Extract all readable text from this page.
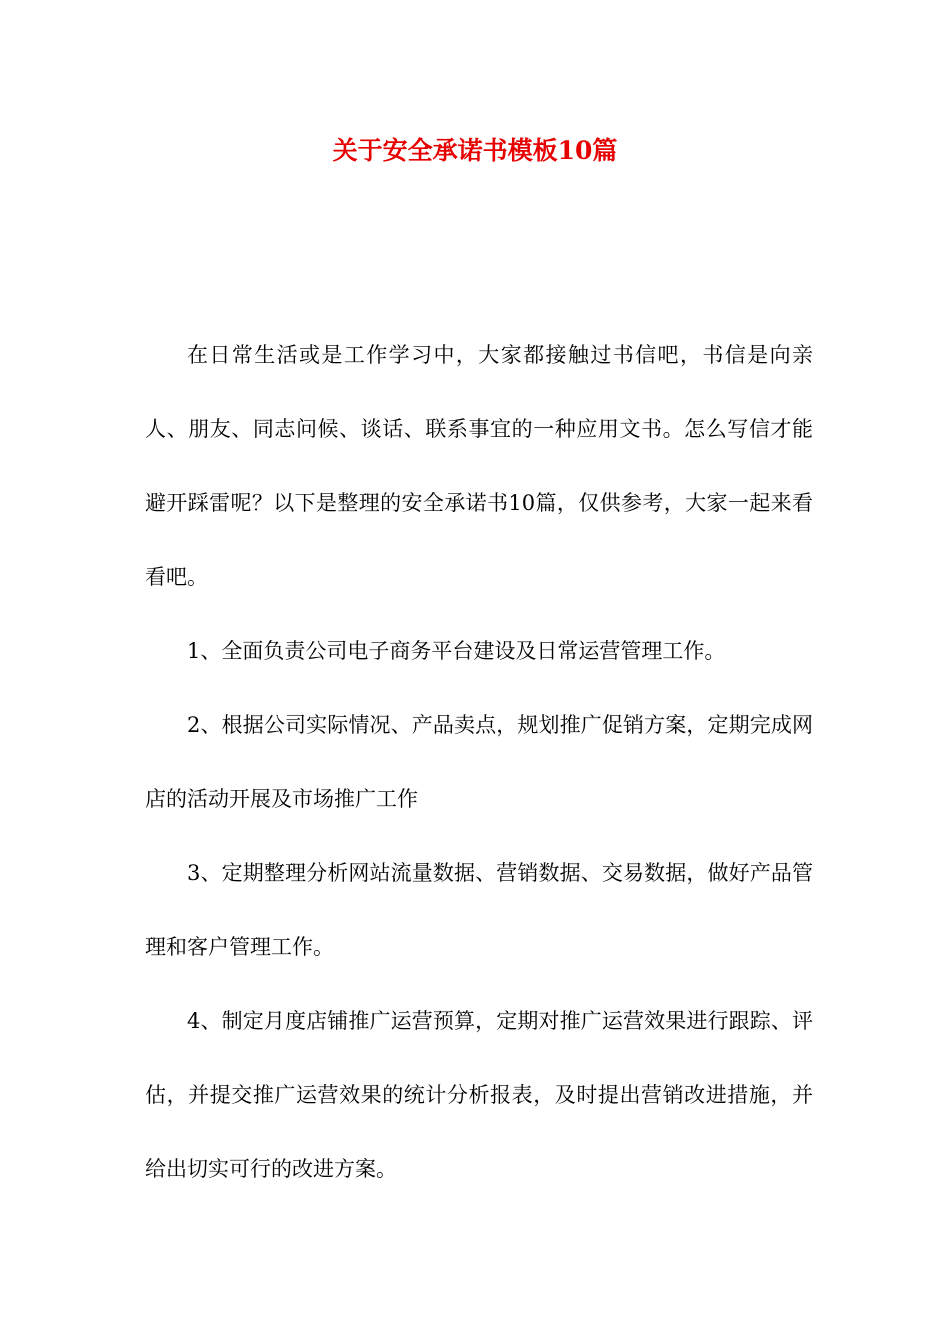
关于安全承诺书模板10篇

在日常生活或是工作学习中，大家都接触过书信吧，书信是向亲人、朋友、同志问候、谈话、联系事宜的一种应用文书。怎么写信才能避开踩雷呢？以下是整理的安全承诺书10篇，仅供参考，大家一起来看看吧。

1、全面负责公司电子商务平台建设及日常运营管理工作。

2、根据公司实际情况、产品卖点，规划推广促销方案，定期完成网店的活动开展及市场推广工作

3、定期整理分析网站流量数据、营销数据、交易数据，做好产品管理和客户管理工作。

4、制定月度店铺推广运营预算，定期对推广运营效果进行跟踪、评估，并提交推广运营效果的统计分析报表，及时提出营销改进措施，并给出切实可行的改进方案。
